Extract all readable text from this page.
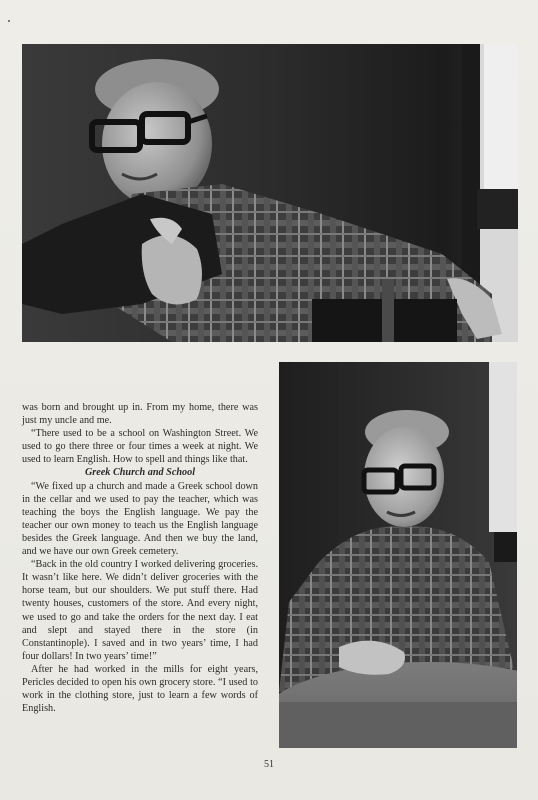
was born and brought up in. From my home, there was just my uncle and me.

“There used to be a school on Washington Street. We used to go there three or four times a week at night. We used to learn English. How to spell and things like that.

Greek Church and School

“We fixed up a church and made a Greek school down in the cellar and we used to pay the teacher, which was teaching the boys the English language. We pay the teacher our own money to teach us the English language besides the Greek language. And then we buy the land, and we have our own Greek cemetery.

“Back in the old country I worked delivering groceries. It wasn’t like here. We didn’t deliver groceries with the horse team, but our shoulders. We put stuff there. Had twenty houses, customers of the store. And every night, we used to go and take the orders for the next day. I eat and slept and stayed there in the store (in Constantinople). I saved and in two years’ time, I had four dollars! In two years’ time!”

After he had worked in the mills for eight years, Pericles decided to open his own grocery store. “I used to work in the clothing store, just to learn a few words of English.

51
